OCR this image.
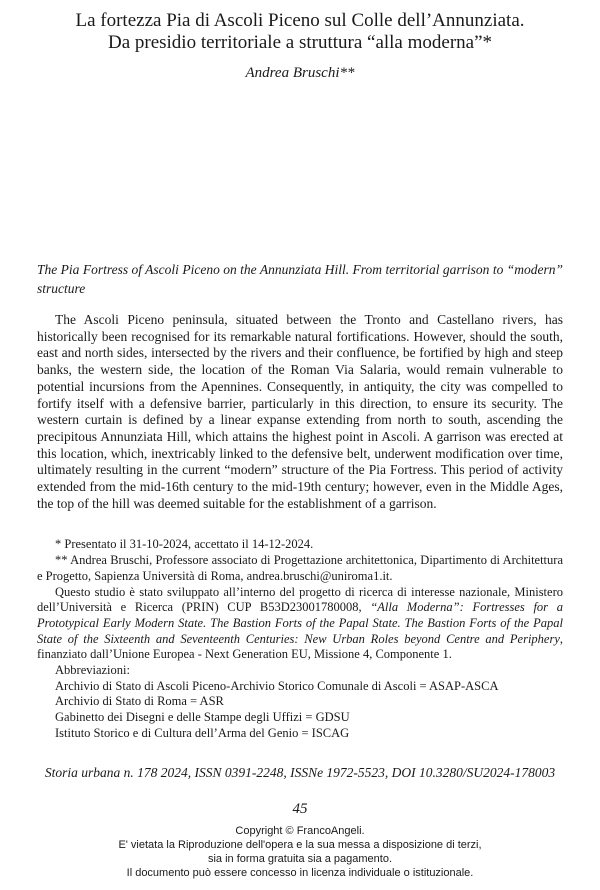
La fortezza Pia di Ascoli Piceno sul Colle dell’Annunziata.
Da presidio territoriale a struttura “alla moderna”*
Andrea Bruschi**

The Pia Fortress of Ascoli Piceno on the Annunziata Hill. From territorial garrison to “modern” structure

The Ascoli Piceno peninsula, situated between the Tronto and Castellano rivers, has historically been recognised for its remarkable natural fortifications. However, should the south, east and north sides, intersected by the rivers and their confluence, be fortified by high and steep banks, the western side, the location of the Roman Via Salaria, would remain vulnerable to potential incursions from the Apennines. Consequently, in antiquity, the city was compelled to fortify itself with a defensive barrier, particularly in this direction, to ensure its security. The western curtain is defined by a linear expanse extending from north to south, ascending the precipitous Annunziata Hill, which attains the highest point in Ascoli. A garrison was erected at this location, which, inextricably linked to the defensive belt, underwent modification over time, ultimately resulting in the current “modern” structure of the Pia Fortress. This period of activity extended from the mid-16th century to the mid-19th century; however, even in the Middle Ages, the top of the hill was deemed suitable for the establishment of a garrison.

* Presentato il 31-10-2024, accettato il 14-12-2024.

** Andrea Bruschi, Professore associato di Progettazione architettonica, Dipartimento di Architettura e Progetto, Sapienza Università di Roma, andrea.bruschi@uniroma1.it.

Questo studio è stato sviluppato all’interno del progetto di ricerca di interesse nazionale, Ministero dell’Università e Ricerca (PRIN) CUP B53D23001780008, “Alla Moderna”: Fortresses for a Prototypical Early Modern State. The Bastion Forts of the Papal State. The Bastion Forts of the Papal State of the Sixteenth and Seventeenth Centuries: New Urban Roles beyond Centre and Periphery, finanziato dall’Unione Europea - Next Generation EU, Missione 4, Componente 1.

Abbreviazioni:

Archivio di Stato di Ascoli Piceno-Archivio Storico Comunale di Ascoli = ASAP-ASCA

Archivio di Stato di Roma = ASR

Gabinetto dei Disegni e delle Stampe degli Uffizi = GDSU

Istituto Storico e di Cultura dell’Arma del Genio = ISCAG

Storia urbana n. 178 2024, ISSN 0391-2248, ISSNe 1972-5523, DOI 10.3280/SU2024-178003
45
Copyright © FrancoAngeli.
E' vietata la Riproduzione dell'opera e la sua messa a disposizione di terzi,
sia in forma gratuita sia a pagamento.
Il documento può essere concesso in licenza individuale o istituzionale.
